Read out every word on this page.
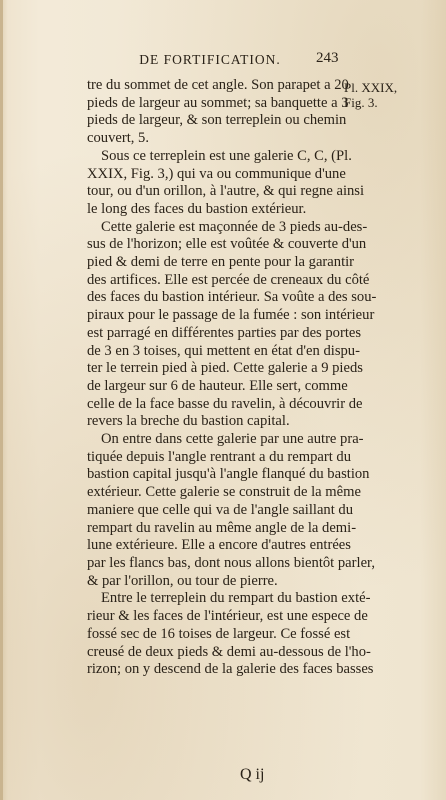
DE FORTIFICATION.	243
Pl. XXIX,
Fig. 3.
tre du sommet de cet angle. Son parapet a 20
pieds de largeur au sommet; sa banquette a 3
pieds de largeur, & son terreplein ou chemin
couvert, 5.
Sous ce terreplein est une galerie C, C, (Pl.
XXIX, Fig. 3,) qui va ou communique d'une
tour, ou d'un orillon, à l'autre, & qui regne ainsi
le long des faces du bastion extérieur.
Cette galerie est maçonnée de 3 pieds au-des-
sus de l'horizon; elle est voûtée & couverte d'un
pied & demi de terre en pente pour la garantir
des artifices. Elle est percée de creneaux du côté
des faces du bastion intérieur. Sa voûte a des sou-
piraux pour le passage de la fumée : son intérieur
est parragé en différentes parties par des portes
de 3 en 3 toises, qui mettent en état d'en dispu-
ter le terrein pied à pied. Cette galerie a 9 pieds
de largeur sur 6 de hauteur. Elle sert, comme
celle de la face basse du ravelin, à découvrir de
revers la breche du bastion capital.
On entre dans cette galerie par une autre pra-
tiquée depuis l'angle rentrant a du rempart du
bastion capital jusqu'à l'angle flanqué du bastion
extérieur. Cette galerie se construit de la même
maniere que celle qui va de l'angle saillant du
rempart du ravelin au même angle de la demi-
lune extérieure. Elle a encore d'autres entrées
par les flancs bas, dont nous allons bientôt parler,
& par l'orillon, ou tour de pierre.
Entre le terreplein du rempart du bastion exté-
rieur & les faces de l'intérieur, est une espece de
fossé sec de 16 toises de largeur. Ce fossé est
creusé de deux pieds & demi au-dessous de l'ho-
rizon; on y descend de la galerie des faces basses
Q ij
